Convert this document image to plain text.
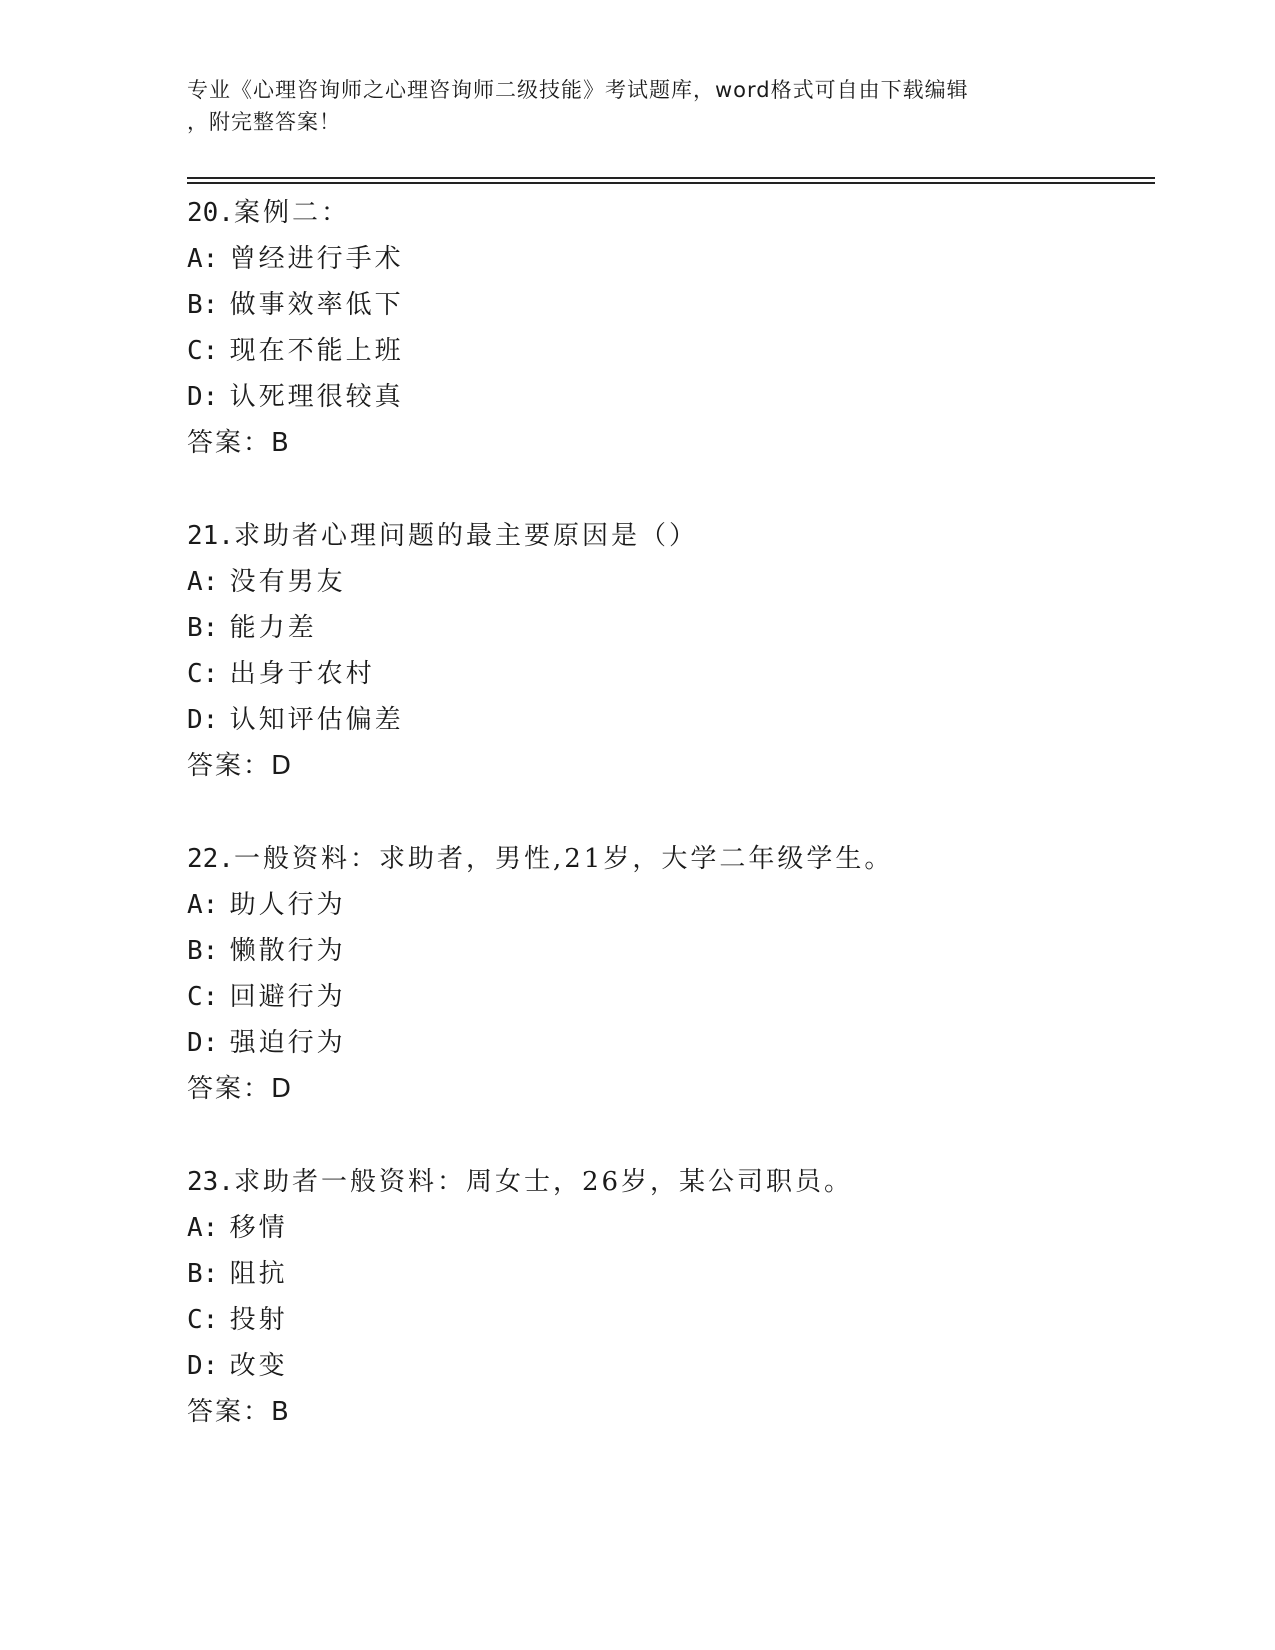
专业《心理咨询师之心理咨询师二级技能》考试题库，word格式可自由下载编辑
，附完整答案！
20.案例二：
A: 曾经进行手术
B: 做事效率低下
C: 现在不能上班
D: 认死理很较真
答案：B
21.求助者心理问题的最主要原因是（）
A: 没有男友
B: 能力差
C: 出身于农村
D: 认知评估偏差
答案：D
22.一般资料：求助者，男性,21岁，大学二年级学生。
A: 助人行为
B: 懒散行为
C: 回避行为
D: 强迫行为
答案：D
23.求助者一般资料：周女士，26岁，某公司职员。
A: 移情
B: 阻抗
C: 投射
D: 改变
答案：B
